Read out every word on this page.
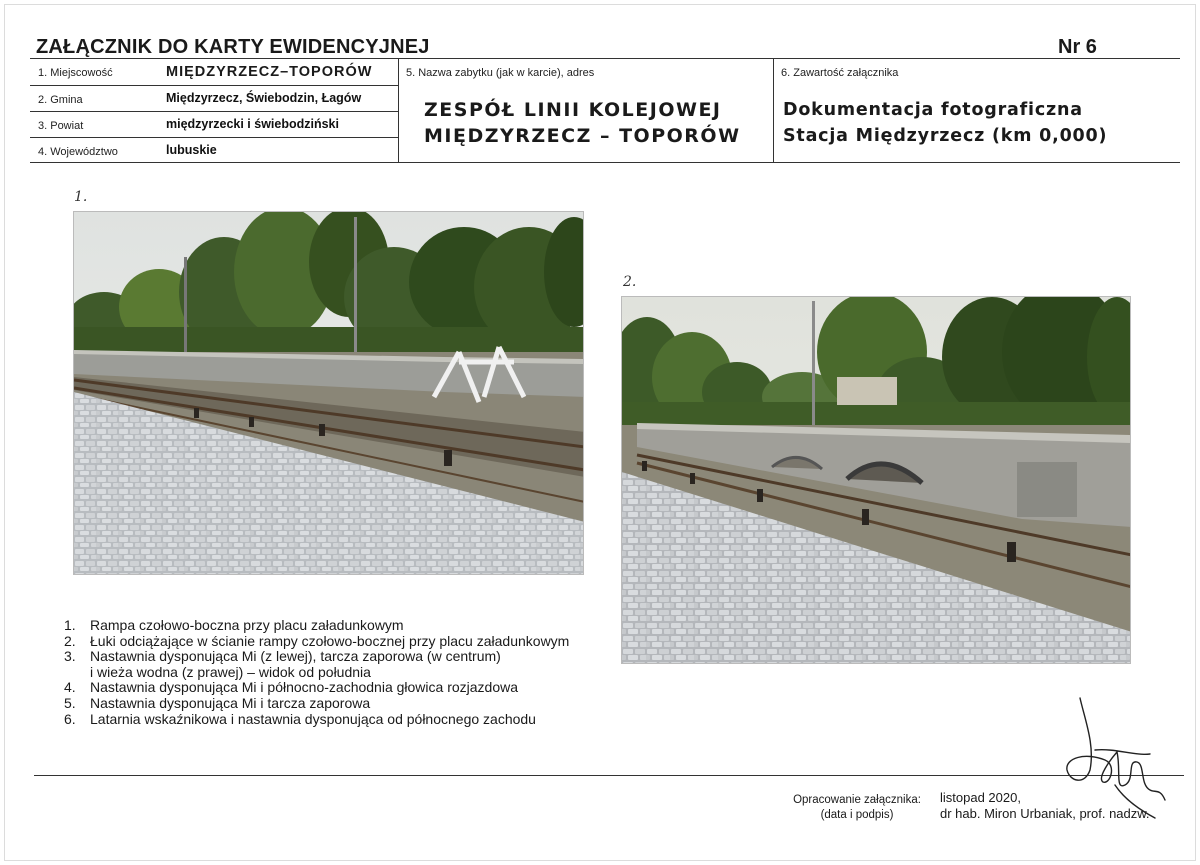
ZAŁĄCZNIK DO KARTY EWIDENCYJNEJ	Nr 6
1. Miejscowość	MIĘDZYRZECZ–TOPORÓW
2. Gmina	Międzyrzecz, Świebodzin, Łagów
3. Powiat	międzyrzecki i świebodziński
4. Województwo	lubuskie
5. Nazwa zabytku (jak w karcie), adres
ZESPÓŁ LINII KOLEJOWEJ
MIĘDZYRZECZ – TOPORÓW
6. Zawartość załącznika
Dokumentacja fotograficzna
Stacja Międzyrzecz (km 0,000)
1.
2.
1.	Rampa czołowo-boczna przy placu załadunkowym
2.	Łuki odciążające w ścianie rampy czołowo-bocznej przy placu załadunkowym
3.	Nastawnia dysponująca Mi (z lewej), tarcza zaporowa (w centrum)
i wieża wodna (z prawej) – widok od południa
4.	Nastawnia dysponująca Mi i północno-zachodnia głowica rozjazdowa
5.	Nastawnia dysponująca Mi i tarcza zaporowa
6.	Latarnia wskaźnikowa i nastawnia dysponująca od północnego zachodu
Opracowanie załącznika:
(data i podpis)
listopad 2020,
dr hab. Miron Urbaniak, prof. nadzw.
